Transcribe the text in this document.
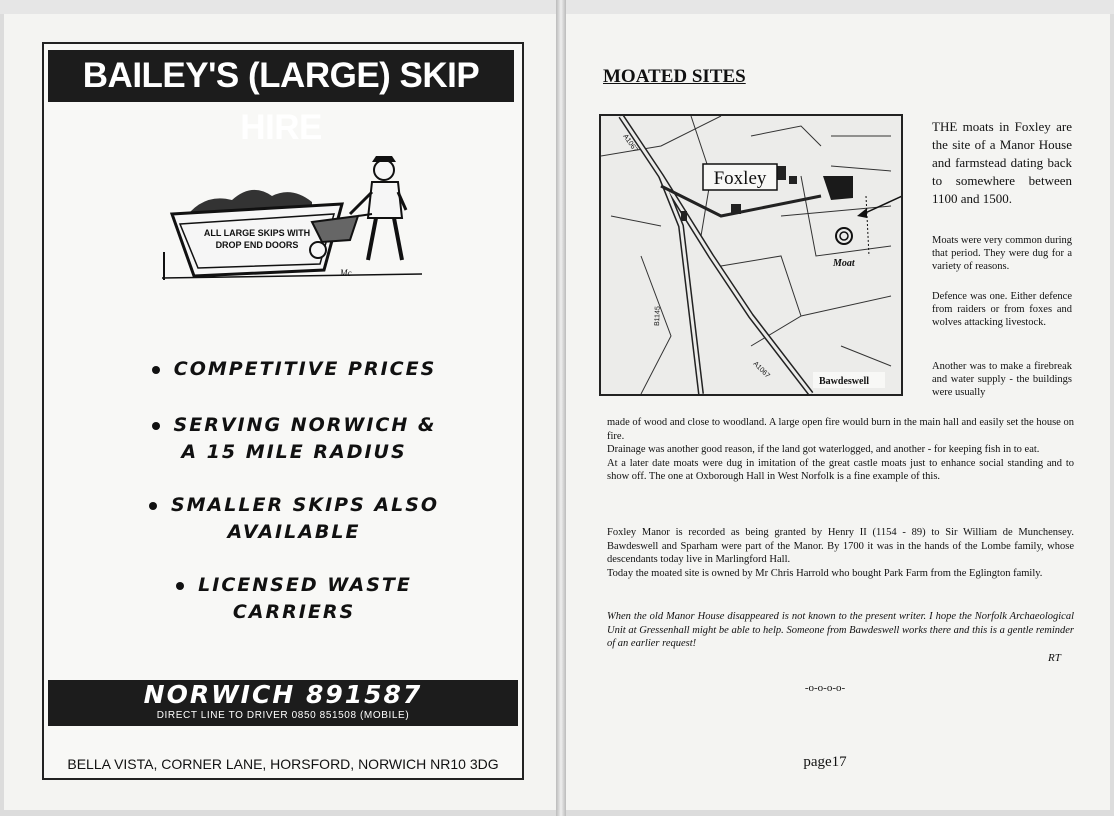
BAILEY'S (LARGE) SKIP HIRE
ALL LARGE SKIPS WITH
DROP END DOORS
Mc
COMPETITIVE PRICES
SERVING NORWICH &
A 15 MILE RADIUS
SMALLER SKIPS ALSO
AVAILABLE
LICENSED WASTE
CARRIERS
NORWICH 891587
DIRECT LINE TO DRIVER 0850 851508 (MOBILE)
BELLA VISTA, CORNER LANE, HORSFORD, NORWICH NR10 3DG
MOATED SITES
Foxley
Moat
Bawdeswell
A1067
B1145
A1067
THE moats in Foxley are the site of a Manor House and farmstead dating back to somewhere between 1100 and 1500.
Moats were very common during that period. They were dug for a variety of reasons.
Defence was one. Either defence from raiders or from foxes and wolves attacking livestock.
Another was to make a firebreak and water supply - the buildings were usually

made of wood and close to woodland. A large open fire would burn in the main hall and easily set the house on fire.

Drainage was another good reason, if the land got waterlogged, and another - for keeping fish in to eat.

At a later date moats were dug in imitation of the great castle moats just to enhance social standing and to show off. The one at Oxborough Hall in West Norfolk is a fine example of this.

Foxley Manor is recorded as being granted by Henry II (1154 - 89) to Sir William de Munchensey. Bawdeswell and Sparham were part of the Manor. By 1700 it was in the hands of the Lombe family, whose descendants today live in Marlingford Hall.

Today the moated site is owned by Mr Chris Harrold who bought Park Farm from the Eglington family.

When the old Manor House disappeared is not known to the present writer. I hope the Norfolk Archaeological Unit at Gressenhall might be able to help. Someone from Bawdeswell works there and this is a gentle reminder of an earlier request!
RT
-o-o-o-o-
page17
